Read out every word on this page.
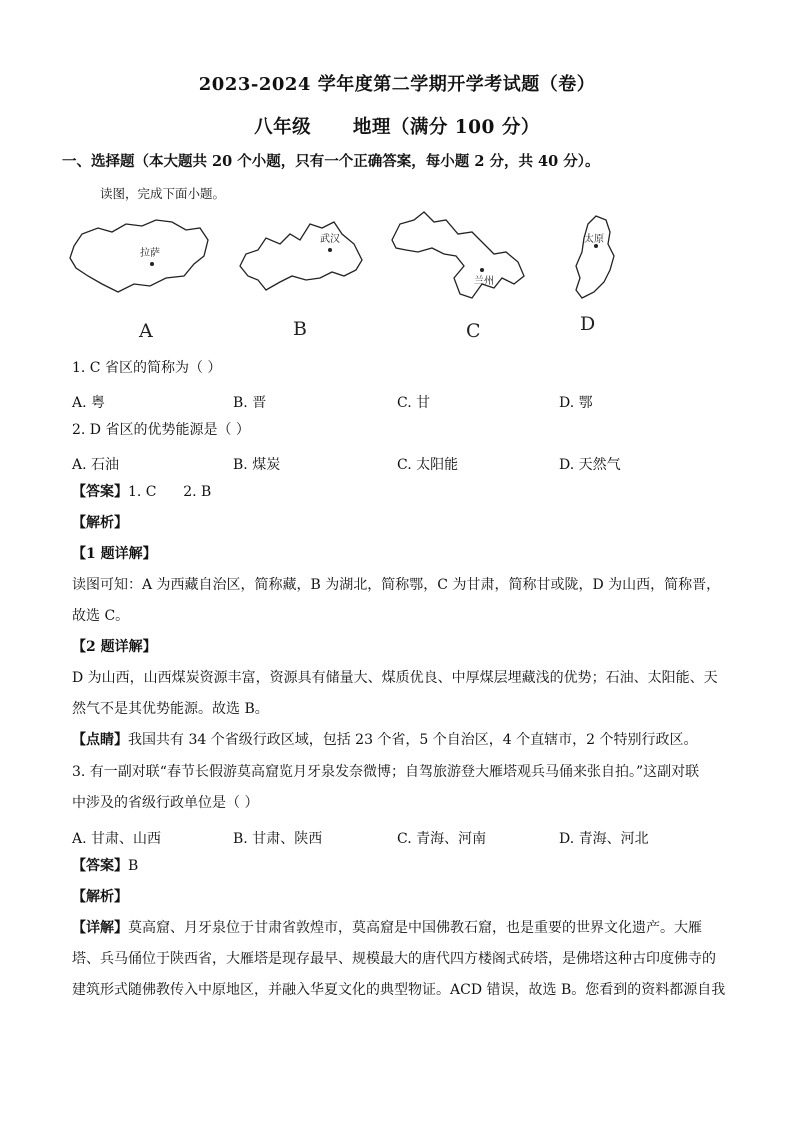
2023-2024 学年度第二学期开学考试题（卷）
八年级      地理（满分 100 分）
一、选择题（本大题共 20 个小题，只有一个正确答案，每小题 2 分，共 40 分）。
读图，完成下面小题。
拉萨
A
武汉
B
兰州
C
太原
D
1. C 省区的简称为（ ）
A. 粤	B. 晋	C. 甘	D. 鄂
2. D 省区的优势能源是（ ）
A. 石油	B. 煤炭	C. 太阳能	D. 天然气
【答案】1. C      2. B
【解析】
【1 题详解】
读图可知：A 为西藏自治区，简称藏，B 为湖北，简称鄂，C 为甘肃，简称甘或陇，D 为山西，简称晋，
故选 C。
【2 题详解】
D 为山西，山西煤炭资源丰富，资源具有储量大、煤质优良、中厚煤层埋藏浅的优势；石油、太阳能、天
然气不是其优势能源。故选 B。
【点睛】我国共有 34 个省级行政区域，包括 23 个省，5 个自治区，4 个直辖市，2 个特别行政区。
3. 有一副对联“春节长假游莫高窟览月牙泉发奈微博；自驾旅游登大雁塔观兵马俑来张自拍。”这副对联
中涉及的省级行政单位是（ ）
A. 甘肃、山西	B. 甘肃、陕西	C. 青海、河南	D. 青海、河北
【答案】B
【解析】
【详解】莫高窟、月牙泉位于甘肃省敦煌市，莫高窟是中国佛教石窟，也是重要的世界文化遗产。大雁
塔、兵马俑位于陕西省，大雁塔是现存最早、规模最大的唐代四方楼阁式砖塔，是佛塔这种古印度佛寺的
建筑形式随佛教传入中原地区，并融入华夏文化的典型物证。ACD 错误，故选 B。您看到的资料都源自我
